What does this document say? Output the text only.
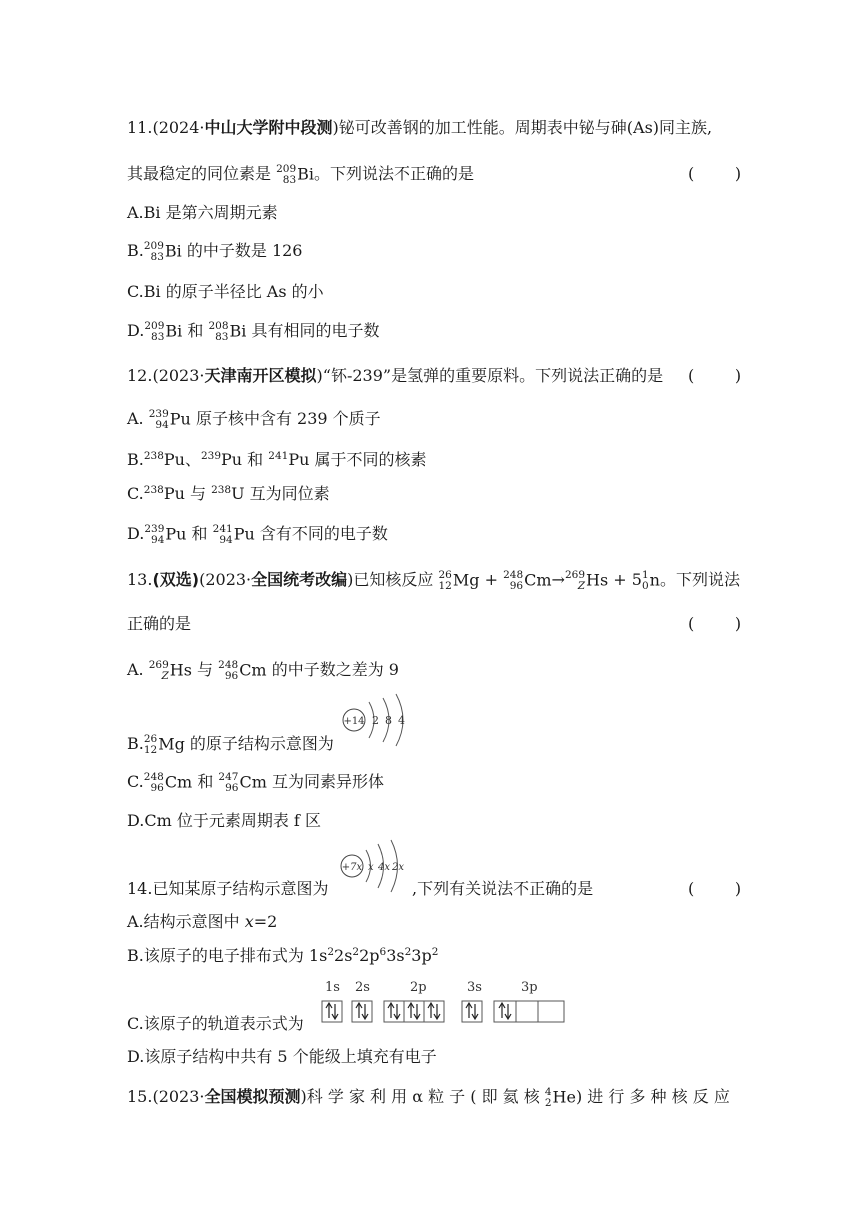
11.(2024·中山大学附中段测)铋可改善钢的加工性能。周期表中铋与砷(As)同主族,
其最稳定的同位素是 209
83 Bi。下列说法不正确的是	(        )
A.Bi 是第六周期元素
B. 209
83 Bi 的中子数是 126
C.Bi 的原子半径比 As 的小
D. 209
83 Bi 和 208
83 Bi 具有相同的电子数
12.(2023·天津南开区模拟)“钚-239”是氢弹的重要原料。下列说法正确的是 (        )
A. 239
94 Pu 原子核中含有 239 个质子
B.$^{238}$Pu、$^{239}$Pu 和 $^{241}$Pu 属于不同的核素
C.$^{238}$Pu 与 $^{238}$U 互为同位素
D. 239
94 Pu 和 241
94 Pu 含有不同的电子数
13.(双选)(2023·全国统考改编)已知核反应 26
12 Mg + 248
96 Cm→ 269
Z Hs + 5 1
0 n。下列说法
正确的是	(        )
A. 269
Z Hs 与 248
96 Cm 的中子数之差为 9
B. 26
12 Mg 的原子结构示意图为
+14 2 8 4
C. 248
96 Cm 和 247
96 Cm 互为同素异形体
D.Cm 位于元素周期表 f 区
14.已知某原子结构示意图为
+7x x 4x 2x
,下列有关说法不正确的是	(        )
A.结构示意图中 x=2
B.该原子的电子排布式为 $1s^22s^22p^63s^23p^2$
C.该原子的轨道表示式为
1s 2s	2p	3s	3p
D.该原子结构中共有 5 个能级上填充有电子
15.(2023·全国模拟预测)科 学 家 利 用 α 粒 子 ( 即 氦 核 4
2 He) 进 行 多 种 核 反 应
